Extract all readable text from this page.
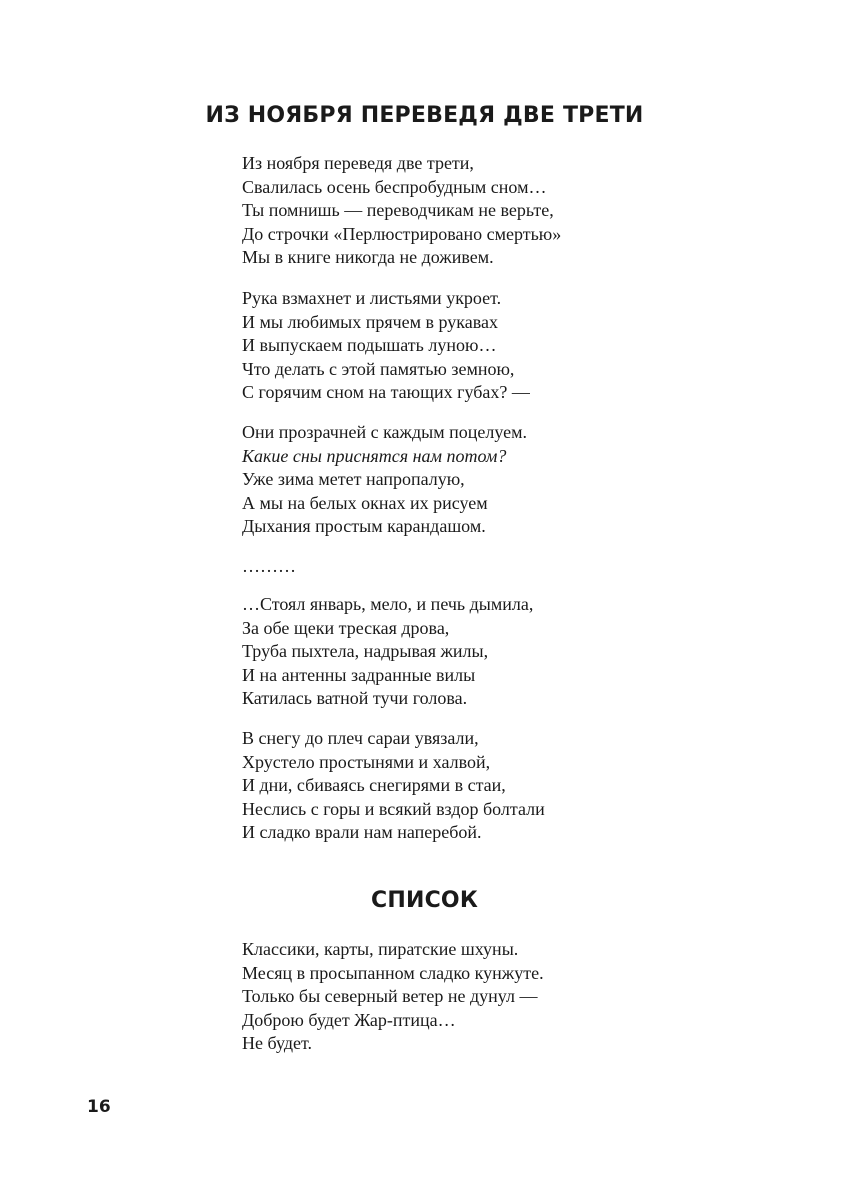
ИЗ НОЯБРЯ ПЕРЕВЕДЯ ДВЕ ТРЕТИ

Из ноября переведя две трети,
Свалилась осень беспробудным сном…
Ты помнишь — переводчикам не верьте,
До строчки «Перлюстрировано смертью»
Мы в книге никогда не доживем.

Рука взмахнет и листьями укроет.
И мы любимых прячем в рукавах
И выпускаем подышать луною…
Что делать с этой памятью земною,
С горячим сном на тающих губах? —

Они прозрачней с каждым поцелуем.
Какие сны приснятся нам потом?
Уже зима метет напропалую,
А мы на белых окнах их рисуем
Дыхания простым карандашом.

………

…Стоял январь, мело, и печь дымила,
За обе щеки треская дрова,
Труба пыхтела, надрывая жилы,
И на антенны задранные вилы
Катилась ватной тучи голова.

В снегу до плеч сараи увязали,
Хрустело простынями и халвой,
И дни, сбиваясь снегирями в стаи,
Неслись с горы и всякий вздор болтали
И сладко врали нам наперебой.

СПИСОК

Классики, карты, пиратские шхуны.
Месяц в просыпанном сладко кунжуте.
Только бы северный ветер не дунул —
Доброю будет Жар-птица…
Не будет.

16
